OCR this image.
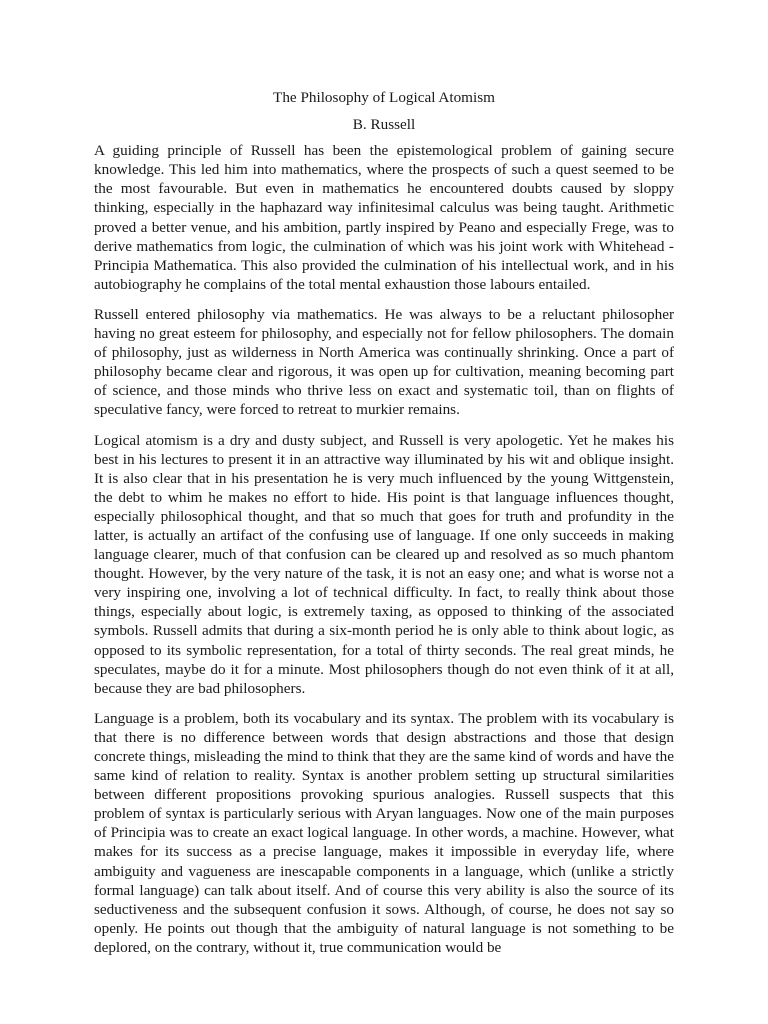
The Philosophy of Logical Atomism
B. Russell

A guiding principle of Russell has been the epistemological problem of gaining secure knowledge. This led him into mathematics, where the prospects of such a quest seemed to be the most favourable. But even in mathematics he encountered doubts caused by sloppy thinking, especially in the haphazard way infinitesimal calculus was being taught. Arithmetic proved a better venue, and his ambition, partly inspired by Peano and especially Frege, was to derive mathematics from logic, the culmination of which was his joint work with Whitehead - Principia Mathematica. This also provided the culmination of his intellectual work, and in his autobiography he complains of the total mental exhaustion those labours entailed.

Russell entered philosophy via mathematics. He was always to be a reluctant philosopher having no great esteem for philosophy, and especially not for fellow philosophers. The domain of philosophy, just as wilderness in North America was continually shrinking. Once a part of philosophy became clear and rigorous, it was open up for cultivation, meaning becoming part of science, and those minds who thrive less on exact and systematic toil, than on flights of speculative fancy, were forced to retreat to murkier remains.

Logical atomism is a dry and dusty subject, and Russell is very apologetic. Yet he makes his best in his lectures to present it in an attractive way illuminated by his wit and oblique insight. It is also clear that in his presentation he is very much influenced by the young Wittgenstein, the debt to whim he makes no effort to hide. His point is that language influences thought, especially philosophical thought, and that so much that goes for truth and profundity in the latter, is actually an artifact of the confusing use of language. If one only succeeds in making language clearer, much of that confusion can be cleared up and resolved as so much phantom thought. However, by the very nature of the task, it is not an easy one; and what is worse not a very inspiring one, involving a lot of technical difficulty. In fact, to really think about those things, especially about logic, is extremely taxing, as opposed to thinking of the associated symbols. Russell admits that during a six-month period he is only able to think about logic, as opposed to its symbolic representation, for a total of thirty seconds. The real great minds, he speculates, maybe do it for a minute. Most philosophers though do not even think of it at all, because they are bad philosophers.

Language is a problem, both its vocabulary and its syntax. The problem with its vocabulary is that there is no difference between words that design abstractions and those that design concrete things, misleading the mind to think that they are the same kind of words and have the same kind of relation to reality. Syntax is another problem setting up structural similarities between different propositions provoking spurious analogies. Russell suspects that this problem of syntax is particularly serious with Aryan languages. Now one of the main purposes of Principia was to create an exact logical language. In other words, a machine. However, what makes for its success as a precise language, makes it impossible in everyday life, where ambiguity and vagueness are inescapable components in a language, which (unlike a strictly formal language) can talk about itself. And of course this very ability is also the source of its seductiveness and the subsequent confusion it sows. Although, of course, he does not say so openly. He points out though that the ambiguity of natural language is not something to be deplored, on the contrary, without it, true communication would be
